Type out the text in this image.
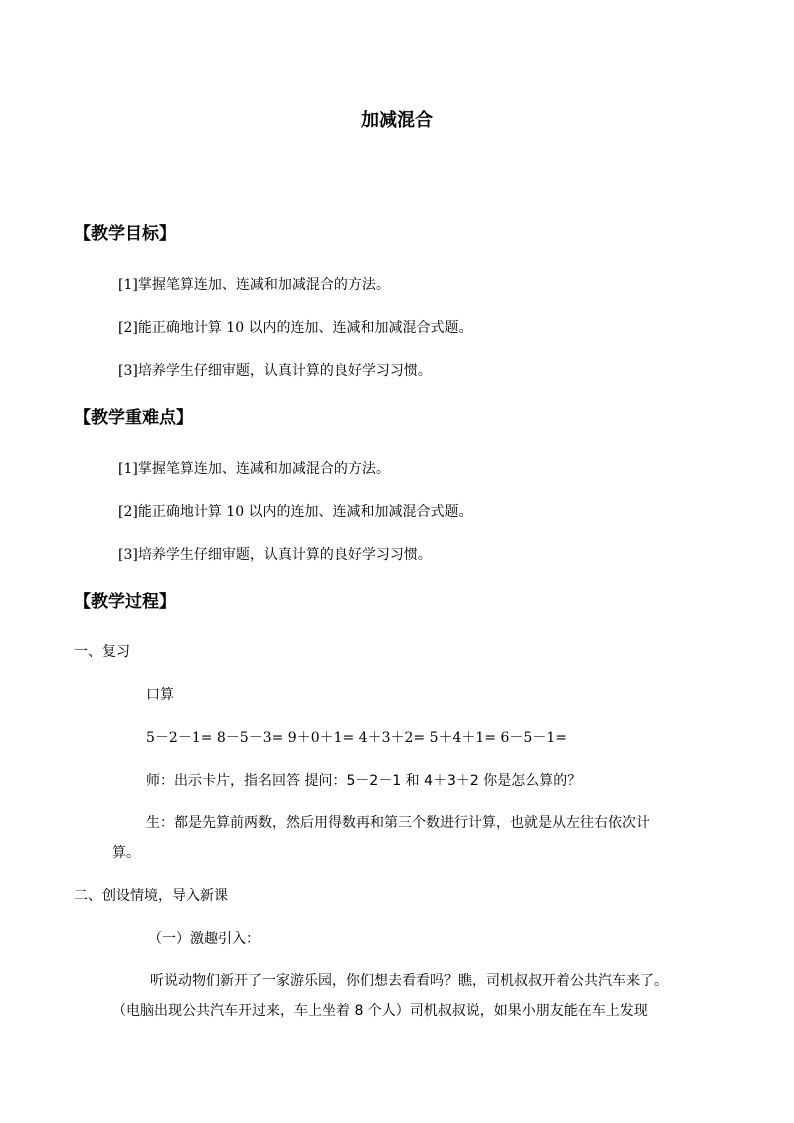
加减混合
【教学目标】
[1]掌握笔算连加、连减和加减混合的方法。
[2]能正确地计算 10 以内的连加、连减和加减混合式题。
[3]培养学生仔细审题，认真计算的良好学习习惯。
【教学重难点】
[1]掌握笔算连加、连减和加减混合的方法。
[2]能正确地计算 10 以内的连加、连减和加减混合式题。
[3]培养学生仔细审题，认真计算的良好学习习惯。
【教学过程】
一、复习
口算
5－2－1= 8－5－3= 9＋0＋1= 4＋3＋2= 5＋4＋1= 6－5－1=
师：出示卡片，指名回答 提问：5－2－1 和 4＋3＋2 你是怎么算的？
生：都是先算前两数，然后用得数再和第三个数进行计算，也就是从左往右依次计
算。
二、创设情境，导入新课
（一）激趣引入：
听说动物们新开了一家游乐园，你们想去看看吗？瞧，司机叔叔开着公共汽车来了。
（电脑出现公共汽车开过来，车上坐着 8 个人）司机叔叔说，如果小朋友能在车上发现
